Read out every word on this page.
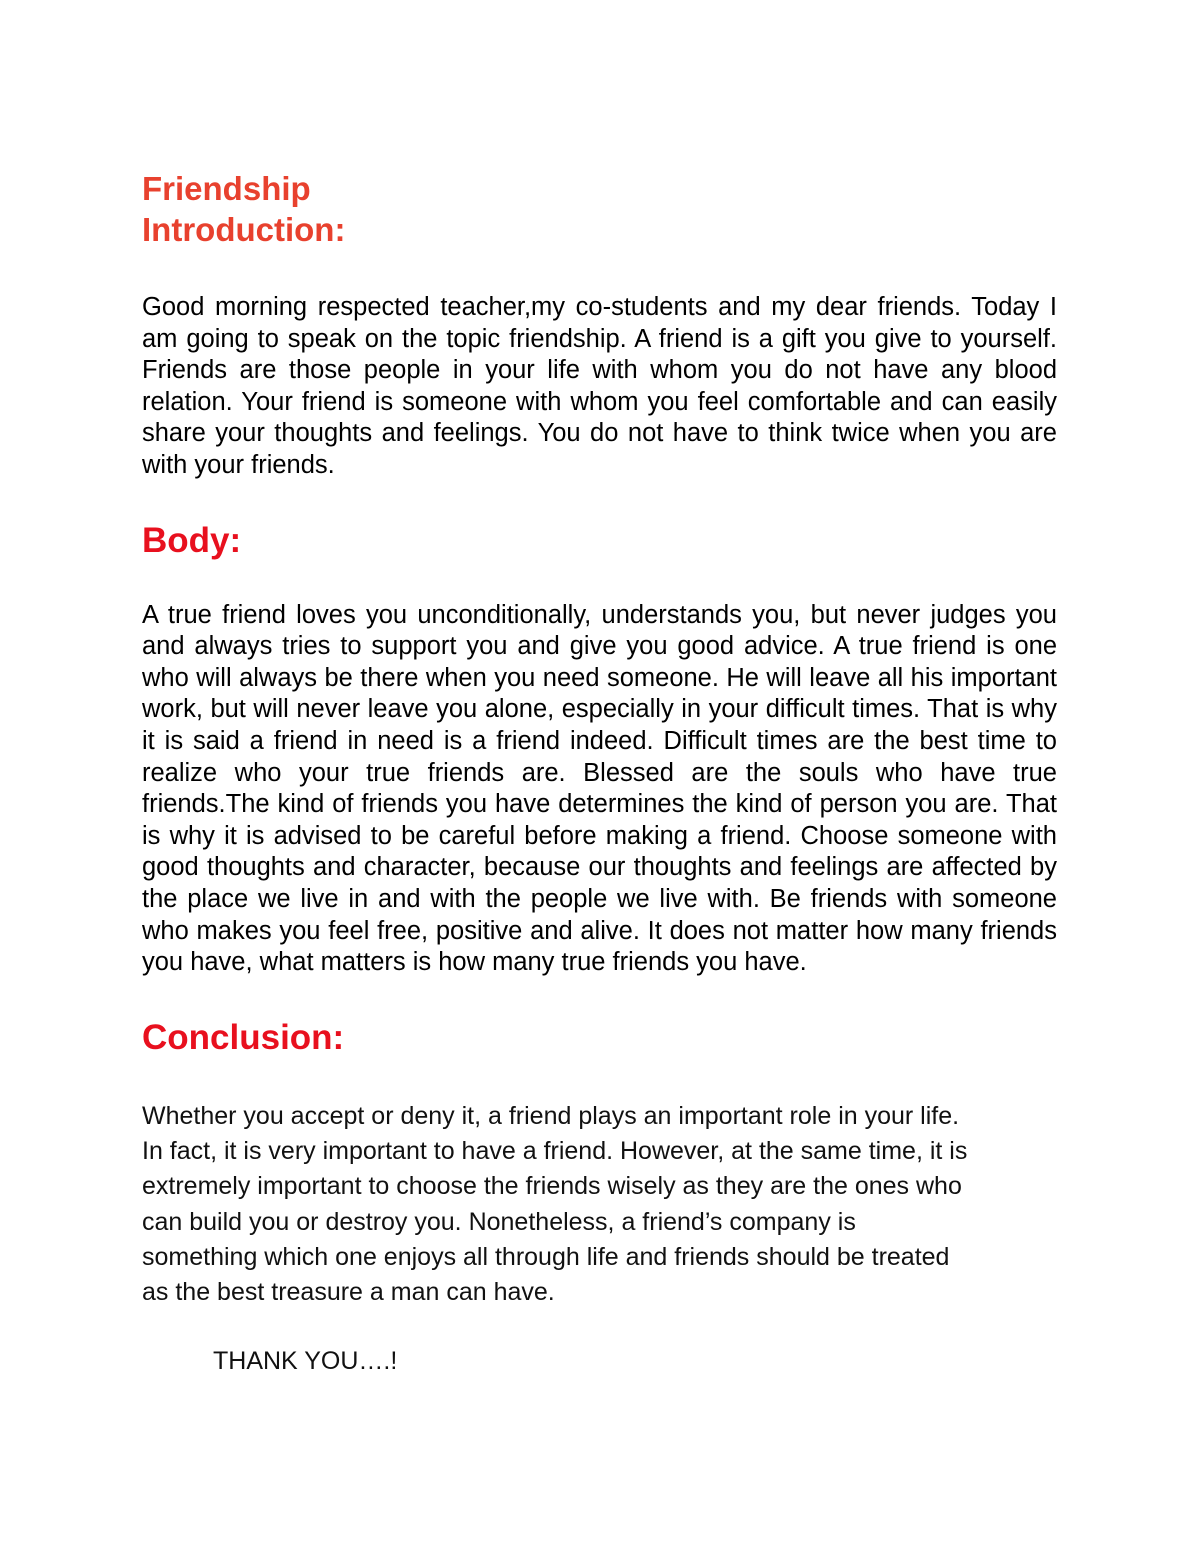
Friendship
Introduction:

Good morning respected teacher,my co-students and my dear friends. Today I am going to speak on the topic friendship. A friend is a gift you give to yourself. Friends are those people in your life with whom you do not have any blood relation. Your friend is someone with whom you feel comfortable and can easily share your thoughts and feelings. You do not have to think twice when you are with your friends.

Body:

A true friend loves you unconditionally, understands you, but never judges you and always tries to support you and give you good advice. A true friend is one who will always be there when you need someone. He will leave all his important work, but will never leave you alone, especially in your difficult times. That is why it is said a friend in need is a friend indeed. Difficult times are the best time to realize who your true friends are. Blessed are the souls who have true friends.The kind of friends you have determines the kind of person you are. That is why it is advised to be careful before making a friend. Choose someone with good thoughts and character, because our thoughts and feelings are affected by the place we live in and with the people we live with. Be friends with someone who makes you feel free, positive and alive. It does not matter how many friends you have, what matters is how many true friends you have.

Conclusion:
Whether you accept or deny it, a friend plays an important role in your life.
In fact, it is very important to have a friend. However, at the same time, it is
extremely important to choose the friends wisely as they are the ones who
can build you or destroy you. Nonetheless, a friend’s company is
something which one enjoys all through life and friends should be treated
as the best treasure a man can have.

THANK YOU….!
